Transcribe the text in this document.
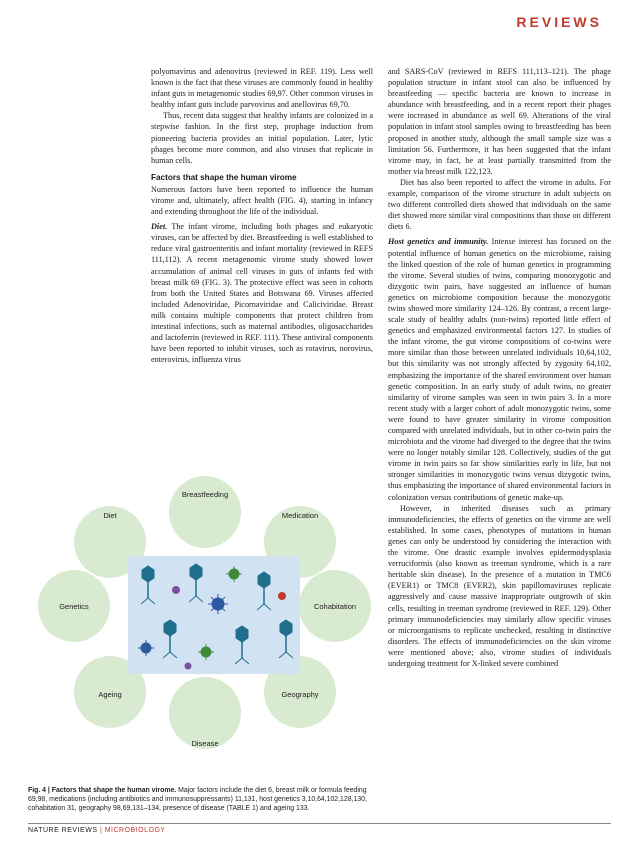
REVIEWS

polyomavirus and adenovirus (reviewed in REF. 119). Less well known is the fact that these viruses are commonly found in healthy infant guts in metagenomic studies 69,97. Other common viruses in healthy infant guts include parvovirus and anellovirus 69,70.

Thus, recent data suggest that healthy infants are colonized in a stepwise fashion. In the first step, prophage induction from pioneering bacteria provides an initial population. Later, lytic phages become more common, and also viruses that replicate in human cells.

Factors that shape the human virome

Numerous factors have been reported to influence the human virome and, ultimately, affect health (FIG. 4), starting in infancy and extending throughout the life of the individual.

Diet. The infant virome, including both phages and eukaryotic viruses, can be affected by diet. Breastfeeding is well established to reduce viral gastroenteritis and infant mortality (reviewed in REFS 111,112). A recent metagenomic virome study showed lower accumulation of animal cell viruses in guts of infants fed with breast milk 69 (FIG. 3). The protective effect was seen in cohorts from both the United States and Botswana 69. Viruses affected included Adenoviridae, Picornaviridae and Caliciviridae. Breast milk contains multiple components that protect children from intestinal infections, such as maternal antibodies, oligosaccharides and lactoferrin (reviewed in REF. 111). These antiviral components have been reported to inhibit viruses, such as rotavirus, norovirus, enterovirus, influenza virus

and SARS-CoV (reviewed in REFS 111,113–121). The phage population structure in infant stool can also be influenced by breastfeeding — specific bacteria are known to increase in abundance with breastfeeding, and in a recent report their phages were increased in abundance as well 69. Alterations of the viral population in infant stool samples owing to breastfeeding has been proposed in another study, although the small sample size was a limitation 56. Furthermore, it has been suggested that the infant virome may, in fact, be at least partially transmitted from the mother via breast milk 122,123.

Diet has also been reported to affect the virome in adults. For example, comparison of the virome structure in adult subjects on two different controlled diets showed that individuals on the same diet showed more similar viral compositions than those on different diets 6.

Host genetics and immunity. Intense interest has focused on the potential influence of human genetics on the microbiome, raising the linked question of the role of human genetics in programming the virome. Several studies of twins, comparing monozygotic and dizygotic twin pairs, have suggested an influence of human genetics on microbiome composition because the monozygotic twins showed more similarity 124–126. By contrast, a recent large-scale study of healthy adults (non-twins) reported little effect of genetics and emphasized environmental factors 127. In studies of the infant virome, the gut virome compositions of co-twins were more similar than those between unrelated individuals 10,64,102, but this similarity was not strongly affected by zygosity 64,102, emphasizing the importance of the shared environment over human genetic composition. In an early study of adult twins, no greater similarity of virome samples was seen in twin pairs 3. In a more recent study with a larger cohort of adult monozygotic twins, some were found to have greater similarity in virome composition compared with unrelated individuals, but in other co-twin pairs the microbiota and the virome had diverged to the degree that the twins were no longer notably similar 128. Collectively, studies of the gut virome in twin pairs so far show similarities early in life, but not stronger similarities in monozygotic twins versus dizygotic twins, thus emphasizing the importance of shared environmental factors in colonization versus contributions of genetic make-up.

However, in inherited diseases such as primary immunodeficiencies, the effects of genetics on the virome are well established. In some cases, phenotypes of mutations in human genes can only be understood by considering the interaction with the virome. One drastic example involves epidermodysplasia verruciformis (also known as treeman syndrome, which is a rare heritable skin disease). In the presence of a mutation in TMC6 (EVER1) or TMC8 (EVER2), skin papillomaviruses replicate aggressively and cause massive inappropriate outgrowth of skin cells, resulting in treeman syndrome (reviewed in REF. 129). Other primary immunodeficiencies may similarly allow specific viruses or microorganisms to replicate unchecked, resulting in distinctive disorders. The effects of immunodeficiencies on the skin virome were mentioned above; also, virome studies of individuals undergoing treatment for X-linked severe combined

Breastfeeding
Diet	Medication
Genetics	Cohabitation
Ageing	Geography
Disease
Fig. 4 | Factors that shape the human virome. Major factors include the diet 6, breast milk or formula feeding 69,98, medications (including antibiotics and immunosuppressants) 11,131, host genetics 3,10,64,102,128,130, cohabitation 31, geography 98,69,131–134, presence of disease (TABLE 1) and ageing 133.
NATURE REVIEWS | MICROBIOLOGY
